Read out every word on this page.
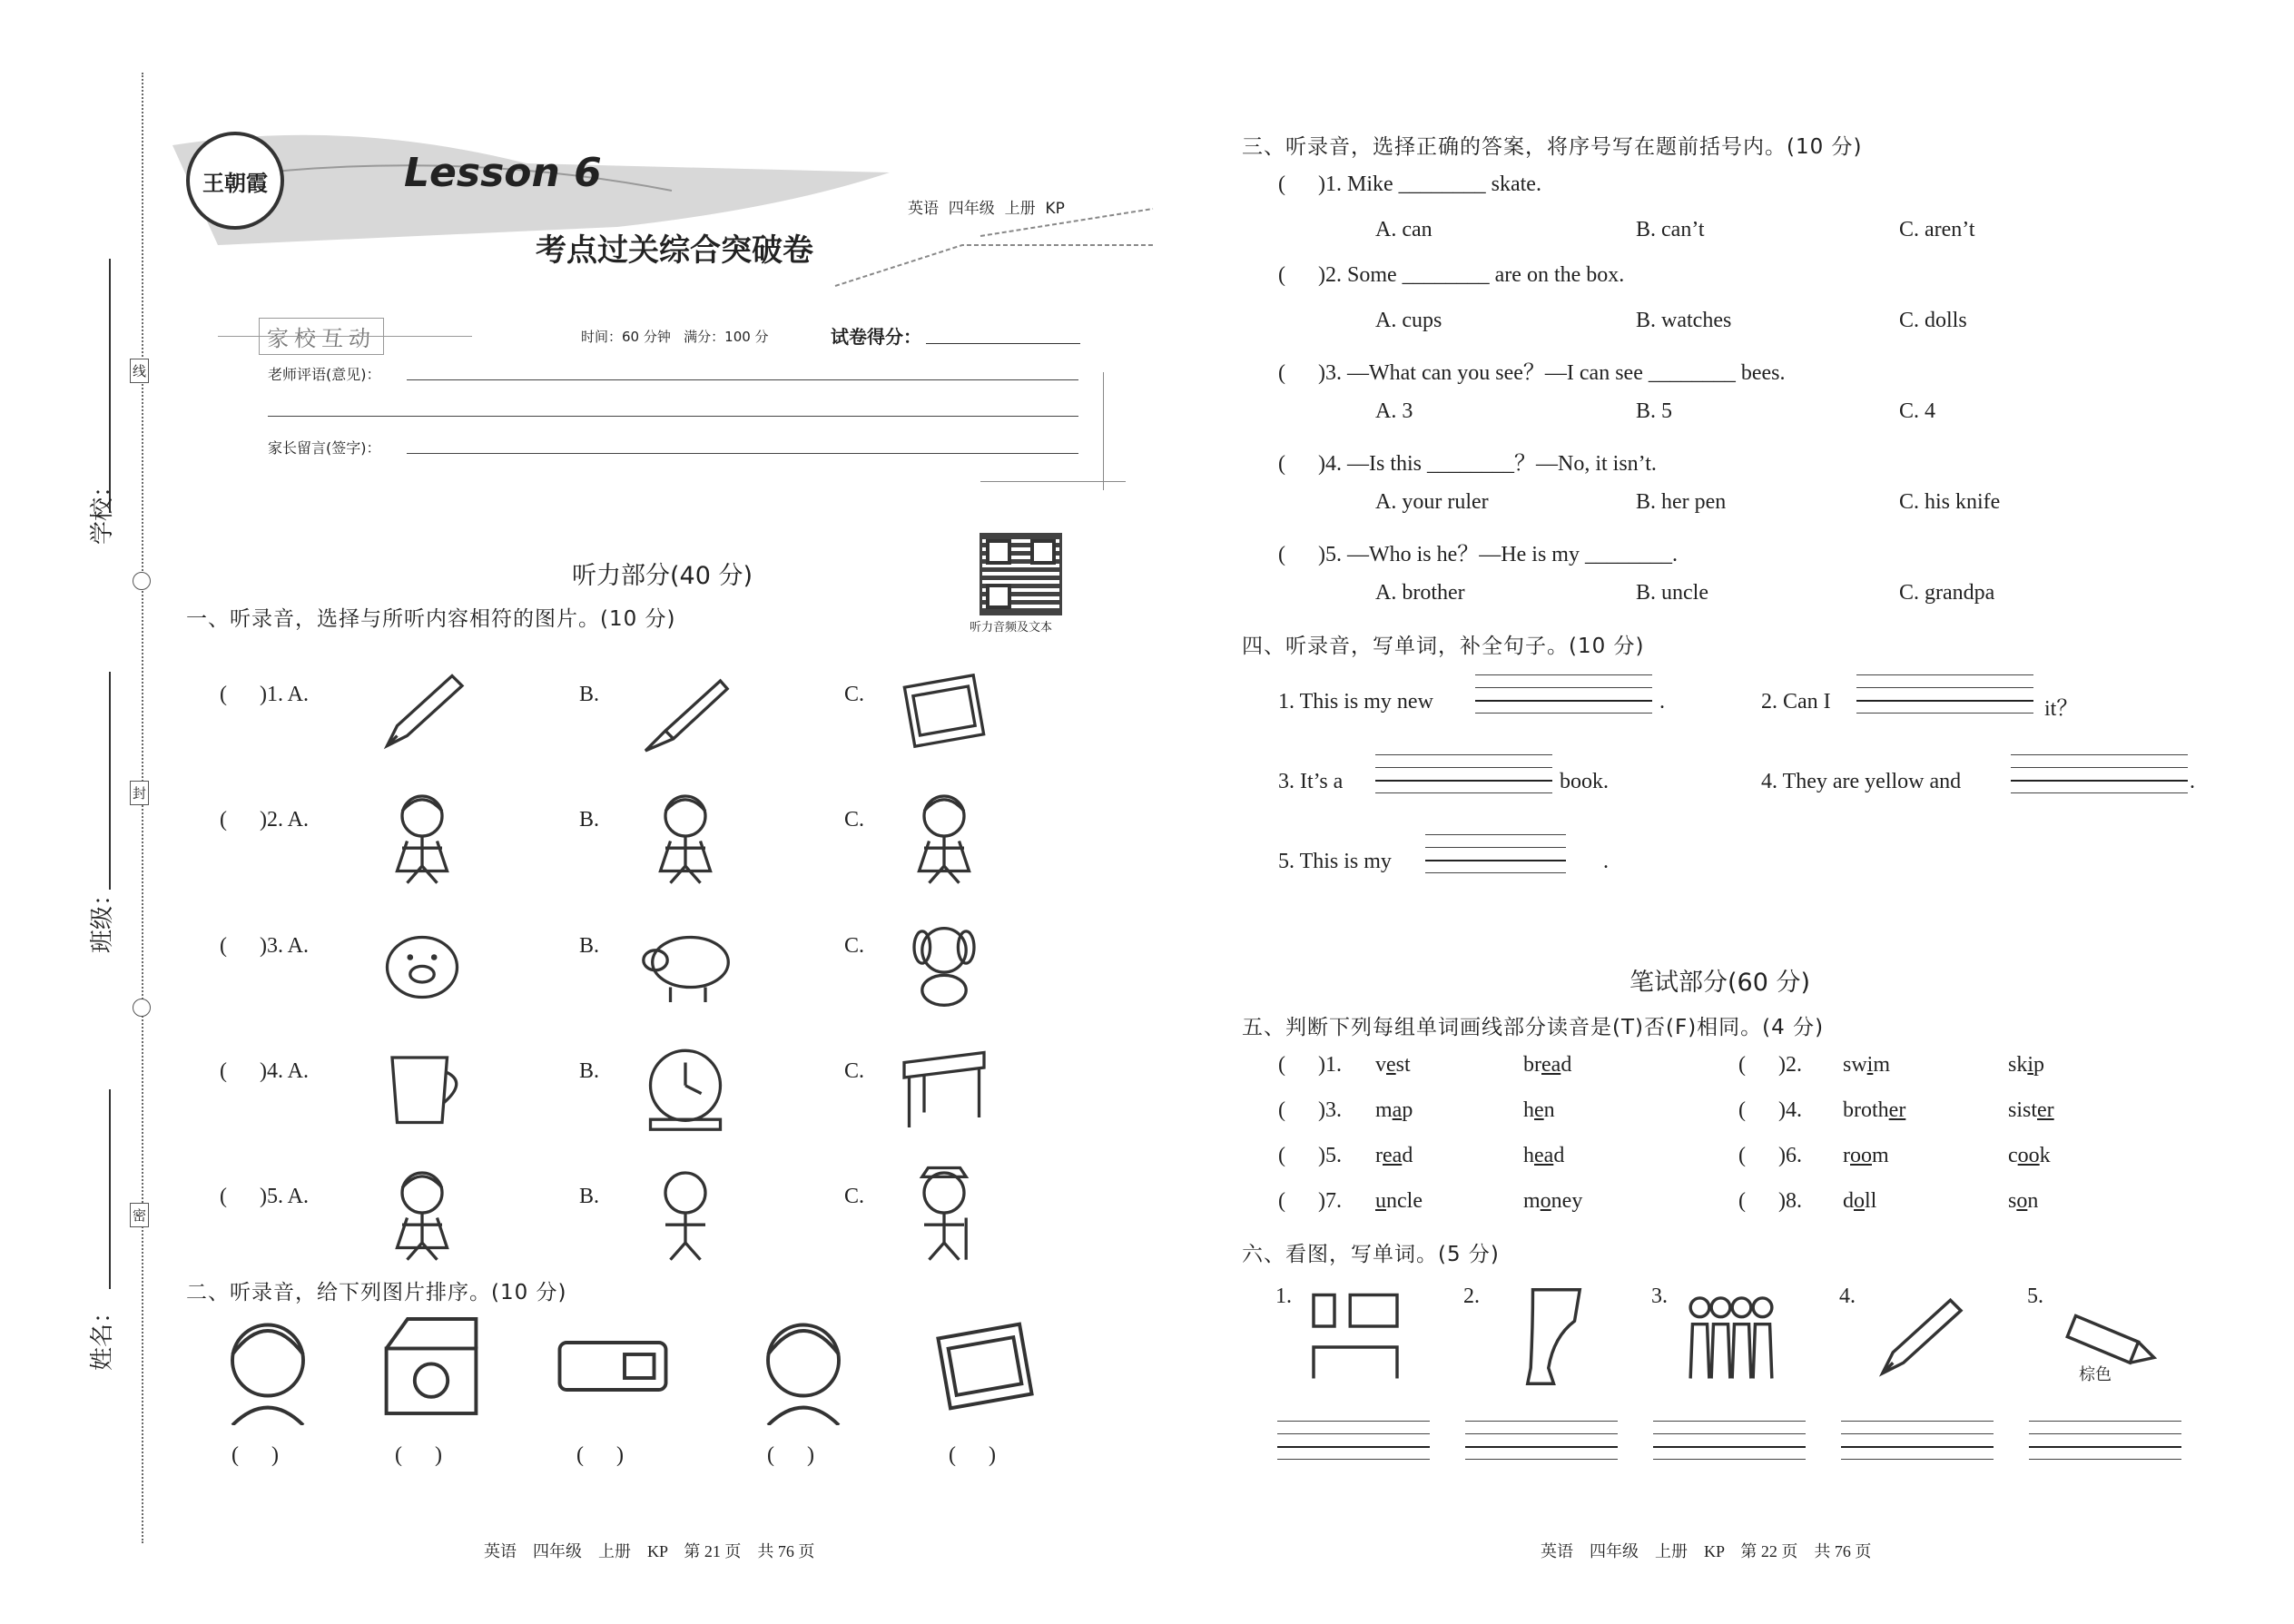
学校：
班级：
姓名：
线
封
密
王朝霞	Lesson 6
考点过关综合突破卷
英语  四年级  上册  KP
家校互动	时间：60 分钟   满分：100 分	试卷得分：
老师评语(意见)：
家长留言(签字)：
听力音频及文本
听力部分(40 分)
一、听录音，选择与所听内容相符的图片。(10 分)
二、听录音，给下列图片排序。(10 分)
三、听录音，选择正确的答案，将序号写在题前括号内。(10 分)
四、听录音，写单词，补全句子。(10 分)
笔试部分(60 分)
五、判断下列每组单词画线部分读音是(T)否(F)相同。(4 分)
六、看图，写单词。(5 分)
英语    四年级    上册    KP    第 21 页    共 76 页	英语    四年级    上册    KP    第 22 页    共 76 页
(      )1. A.	B.	C.
(      )2. A.	B.	C.
(      )3. A.	B.	C.
(      )4. A.	B.	C.
(      )5. A.	B.	C.
(      )	(      )	(      )	(      )	(      )
(      )1. Mike ________ skate.
A. can	B. can’t	C. aren’t
(      )2. Some ________ are on the box.
A. cups	B. watches	C. dolls
(      )3. —What can you see？—I can see ________ bees.
A. 3	B. 5	C. 4
(      )4. —Is this ________？—No, it isn’t.
A. your ruler	B. her pen	C. his knife
(      )5. —Who is he？—He is my ________.
A. brother	B. uncle	C. grandpa
1. This is my new	.	2. Can I	it？
3. It’s a	book.	4. They are yellow and	.
5. This is my	.
(      )1. vest	bread	(      )2. swim	skip
(      )3. map	hen	(      )4. brother	sister
(      )5. read	head	(      )6. room	cook
(      )7. uncle	money	(      )8. doll	son
1.	2.	3.	4.	5.
棕色
